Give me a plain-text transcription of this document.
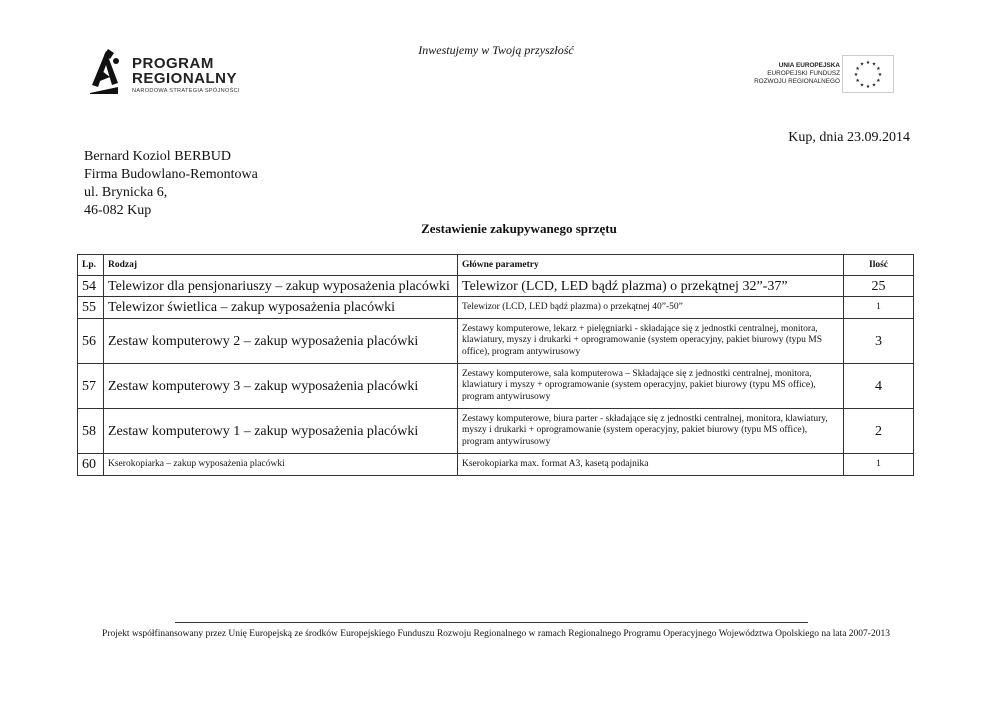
Inwestujemy w Twoją przyszłość
PROGRAM
REGIONALNY
NARODOWA STRATEGIA SPÓJNOŚCI
UNIA EUROPEJSKA
EUROPEJSKI FUNDUSZ
ROZWOJU REGIONALNEGO
★ ★
★
★
★
★
★
★
★
★
★
★
Kup, dnia 23.09.2014
Bernard Koziol BERBUD
Firma Budowlano-Remontowa
ul. Brynicka 6,
46-082 Kup
Zestawienie zakupywanego sprzętu
Lp.	Rodzaj	Główne parametry	Ilość
54	Telewizor dla pensjonariuszy – zakup wyposażenia placówki	Telewizor (LCD, LED bądź plazma) o przekątnej 32”-37”	25
55	Telewizor świetlica – zakup wyposażenia placówki	Telewizor (LCD, LED bądź plazma) o przekątnej 40”-50”	1
56	Zestaw komputerowy 2 – zakup wyposażenia placówki	Zestawy komputerowe, lekarz + pielęgniarki - składające się z jednostki centralnej, monitora, klawiatury, myszy i drukarki + oprogramowanie (system operacyjny, pakiet biurowy (typu MS office), program antywirusowy	3
57	Zestaw komputerowy 3 – zakup wyposażenia placówki	Zestawy komputerowe, sala komputerowa – Składające się z jednostki centralnej, monitora, klawiatury i myszy + oprogramowanie (system operacyjny, pakiet biurowy (typu MS office), program antywirusowy	4
58	Zestaw komputerowy 1 – zakup wyposażenia placówki	Zestawy komputerowe, biura parter - składające się z jednostki centralnej, monitora, klawiatury, myszy i drukarki + oprogramowanie (system operacyjny, pakiet biurowy (typu MS office), program antywirusowy	2
60	Kserokopiarka – zakup wyposażenia placówki	Kserokopiarka max. format A3, kasetą podajnika	1
Projekt współfinansowany przez Unię Europejską ze środków Europejskiego Funduszu Rozwoju Regionalnego w ramach Regionalnego Programu Operacyjnego Województwa Opolskiego na lata 2007-2013
